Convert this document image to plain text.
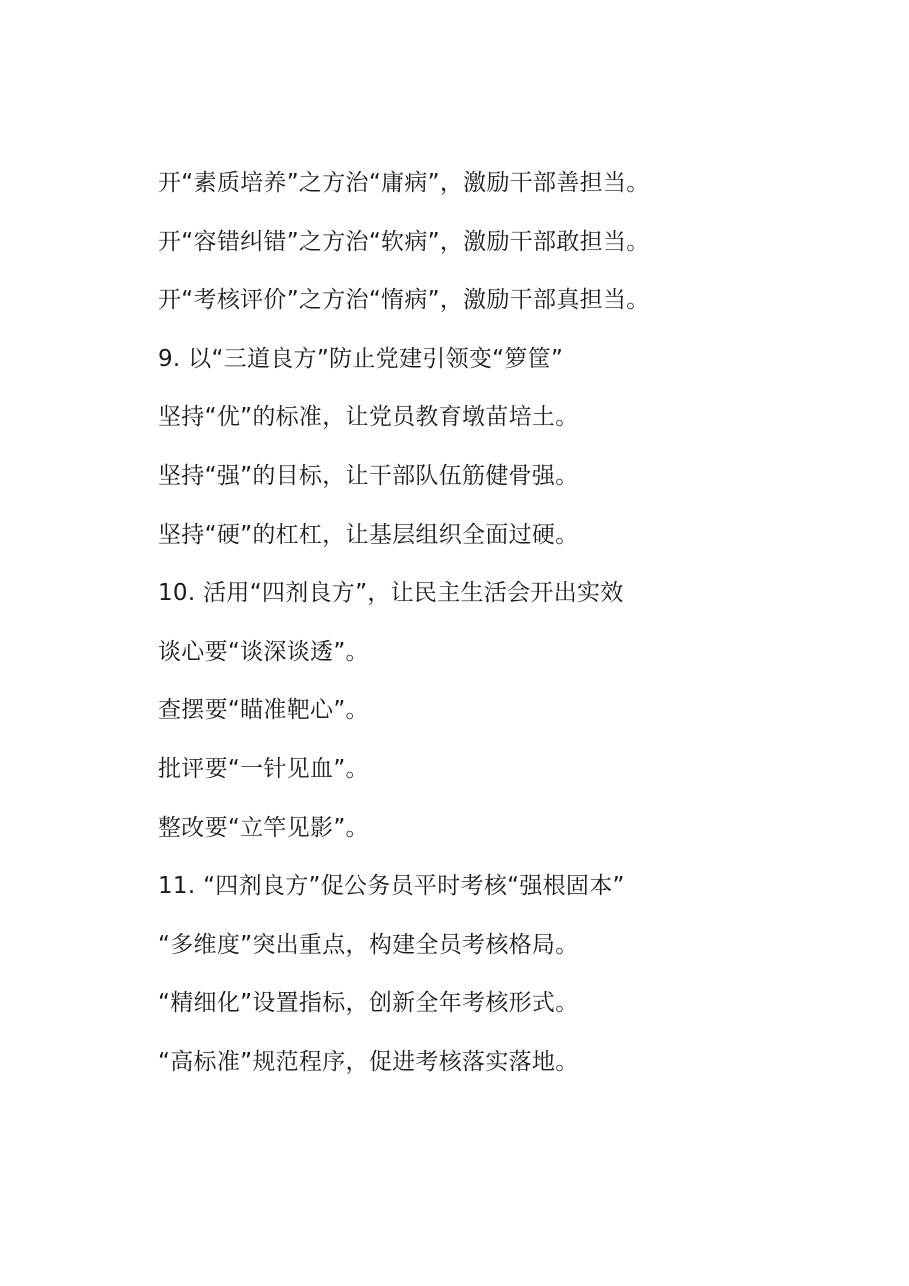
开“素质培养”之方治“庸病”，激励干部善担当。
开“容错纠错”之方治“软病”，激励干部敢担当。
开“考核评价”之方治“惰病”，激励干部真担当。
9. 以“三道良方”防止党建引领变“箩筐”
坚持“优”的标准，让党员教育墩苗培土。
坚持“强”的目标，让干部队伍筋健骨强。
坚持“硬”的杠杠，让基层组织全面过硬。
10. 活用“四剂良方”，让民主生活会开出实效
谈心要“谈深谈透”。
查摆要“瞄准靶心”。
批评要“一针见血”。
整改要“立竿见影”。
11. “四剂良方”促公务员平时考核“强根固本”
“多维度”突出重点，构建全员考核格局。
“精细化”设置指标，创新全年考核形式。
“高标准”规范程序，促进考核落实落地。
